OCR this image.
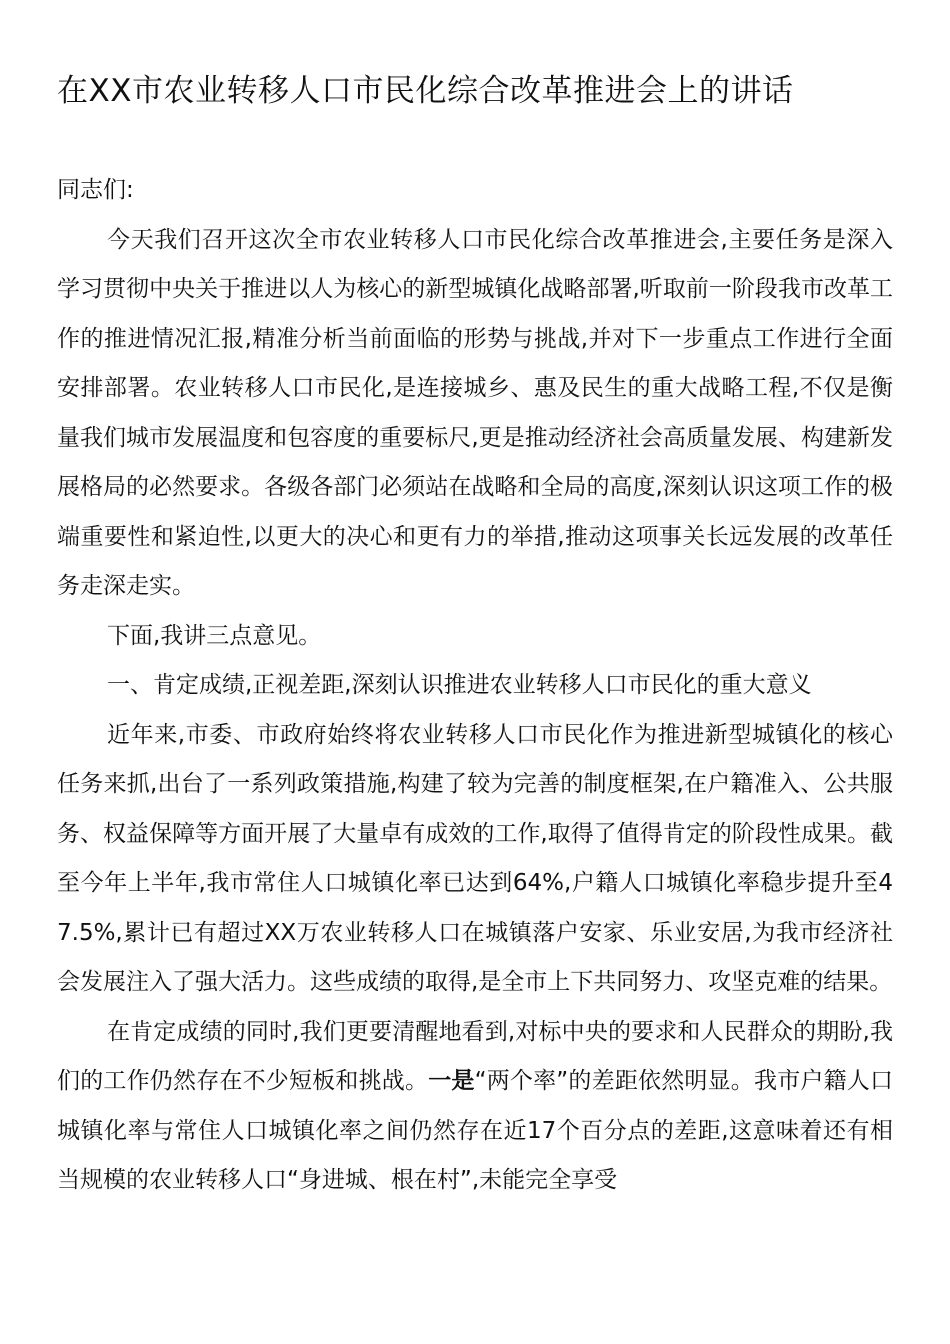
在XX市农业转移人口市民化综合改革推进会上的讲话

同志们:

今天我们召开这次全市农业转移人口市民化综合改革推进会,主要任务是深入学习贯彻中央关于推进以人为核心的新型城镇化战略部署,听取前一阶段我市改革工作的推进情况汇报,精准分析当前面临的形势与挑战,并对下一步重点工作进行全面安排部署。农业转移人口市民化,是连接城乡、惠及民生的重大战略工程,不仅是衡量我们城市发展温度和包容度的重要标尺,更是推动经济社会高质量发展、构建新发展格局的必然要求。各级各部门必须站在战略和全局的高度,深刻认识这项工作的极端重要性和紧迫性,以更大的决心和更有力的举措,推动这项事关长远发展的改革任务走深走实。

下面,我讲三点意见。

一、肯定成绩,正视差距,深刻认识推进农业转移人口市民化的重大意义

近年来,市委、市政府始终将农业转移人口市民化作为推进新型城镇化的核心任务来抓,出台了一系列政策措施,构建了较为完善的制度框架,在户籍准入、公共服务、权益保障等方面开展了大量卓有成效的工作,取得了值得肯定的阶段性成果。截至今年上半年,我市常住人口城镇化率已达到64%,户籍人口城镇化率稳步提升至47.5%,累计已有超过XX万农业转移人口在城镇落户安家、乐业安居,为我市经济社会发展注入了强大活力。这些成绩的取得,是全市上下共同努力、攻坚克难的结果。

在肯定成绩的同时,我们更要清醒地看到,对标中央的要求和人民群众的期盼,我们的工作仍然存在不少短板和挑战。一是“两个率”的差距依然明显。我市户籍人口城镇化率与常住人口城镇化率之间仍然存在近17个百分点的差距,这意味着还有相当规模的农业转移人口“身进城、根在村”,未能完全享受
